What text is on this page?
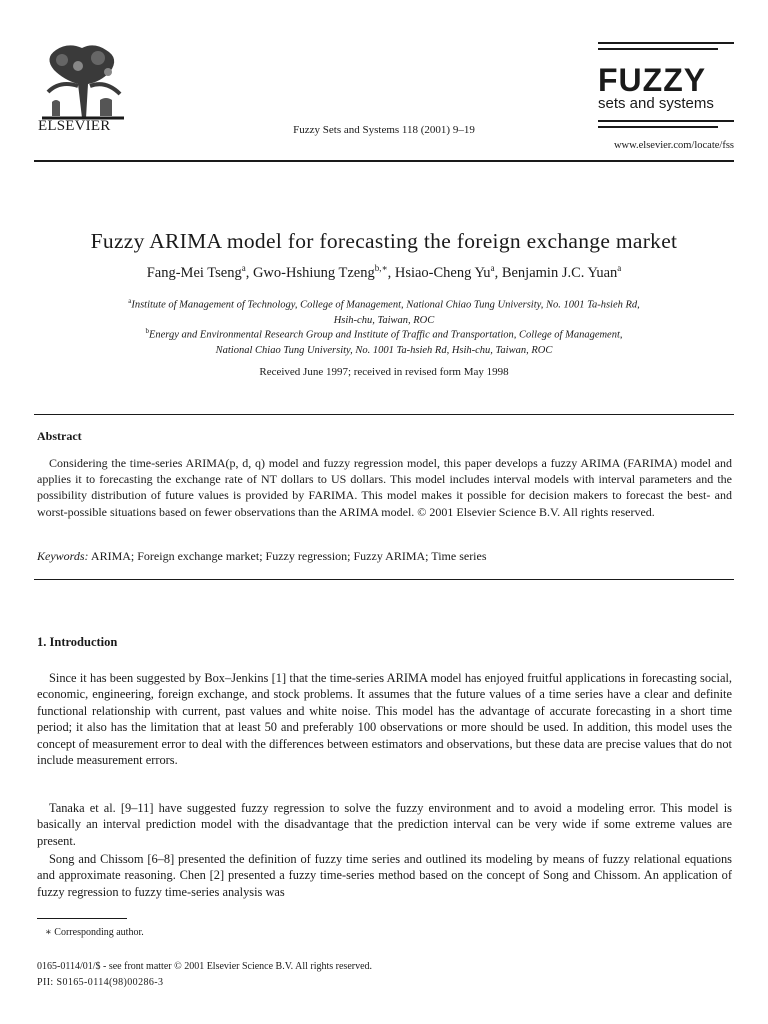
ELSEVIER	Fuzzy Sets and Systems 118 (2001) 9–19
FUZZY
sets and systems
www.elsevier.com/locate/fss
Fuzzy ARIMA model for forecasting the foreign exchange market
Fang-Mei Tseng$^a$, Gwo-Hshiung Tzeng$^{b,∗}$, Hsiao-Cheng Yu$^a$, Benjamin J.C. Yuan$^a$
$^a$Institute of Management of Technology, College of Management, National Chiao Tung University, No. 1001 Ta-hsieh Rd,
Hsih-chu, Taiwan, ROC
$^b$Energy and Environmental Research Group and Institute of Traffic and Transportation, College of Management,
National Chiao Tung University, No. 1001 Ta-hsieh Rd, Hsih-chu, Taiwan, ROC
Received June 1997; received in revised form May 1998
Abstract
Considering the time-series ARIMA(p, d, q) model and fuzzy regression model, this paper develops a fuzzy ARIMA (FARIMA) model and applies it to forecasting the exchange rate of NT dollars to US dollars. This model includes interval models with interval parameters and the possibility distribution of future values is provided by FARIMA. This model makes it possible for decision makers to forecast the best- and worst-possible situations based on fewer observations than the ARIMA model. © 2001 Elsevier Science B.V. All rights reserved.
Keywords: ARIMA; Foreign exchange market; Fuzzy regression; Fuzzy ARIMA; Time series
1. Introduction
Since it has been suggested by Box–Jenkins [1] that the time-series ARIMA model has enjoyed fruitful applications in forecasting social, economic, engineering, foreign exchange, and stock problems. It assumes that the future values of a time series have a clear and definite functional relationship with current, past values and white noise. This model has the advantage of accurate forecasting in a short time period; it also has the limitation that at least 50 and preferably 100 observations or more should be used. In addition, this model uses the concept of measurement error to deal with the differences between estimators and observations, but these data are precise values that do not include measurement errors.
Tanaka et al. [9–11] have suggested fuzzy regression to solve the fuzzy environment and to avoid a modeling error. This model is basically an interval prediction model with the disadvantage that the prediction interval can be very wide if some extreme values are present.
Song and Chissom [6–8] presented the definition of fuzzy time series and outlined its modeling by means of fuzzy relational equations and approximate reasoning. Chen [2] presented a fuzzy time-series method based on the concept of Song and Chissom. An application of fuzzy regression to fuzzy time-series analysis was
∗ Corresponding author.
0165-0114/01/$ - see front matter © 2001 Elsevier Science B.V. All rights reserved.
PII: S0165-0114(98)00286-3
